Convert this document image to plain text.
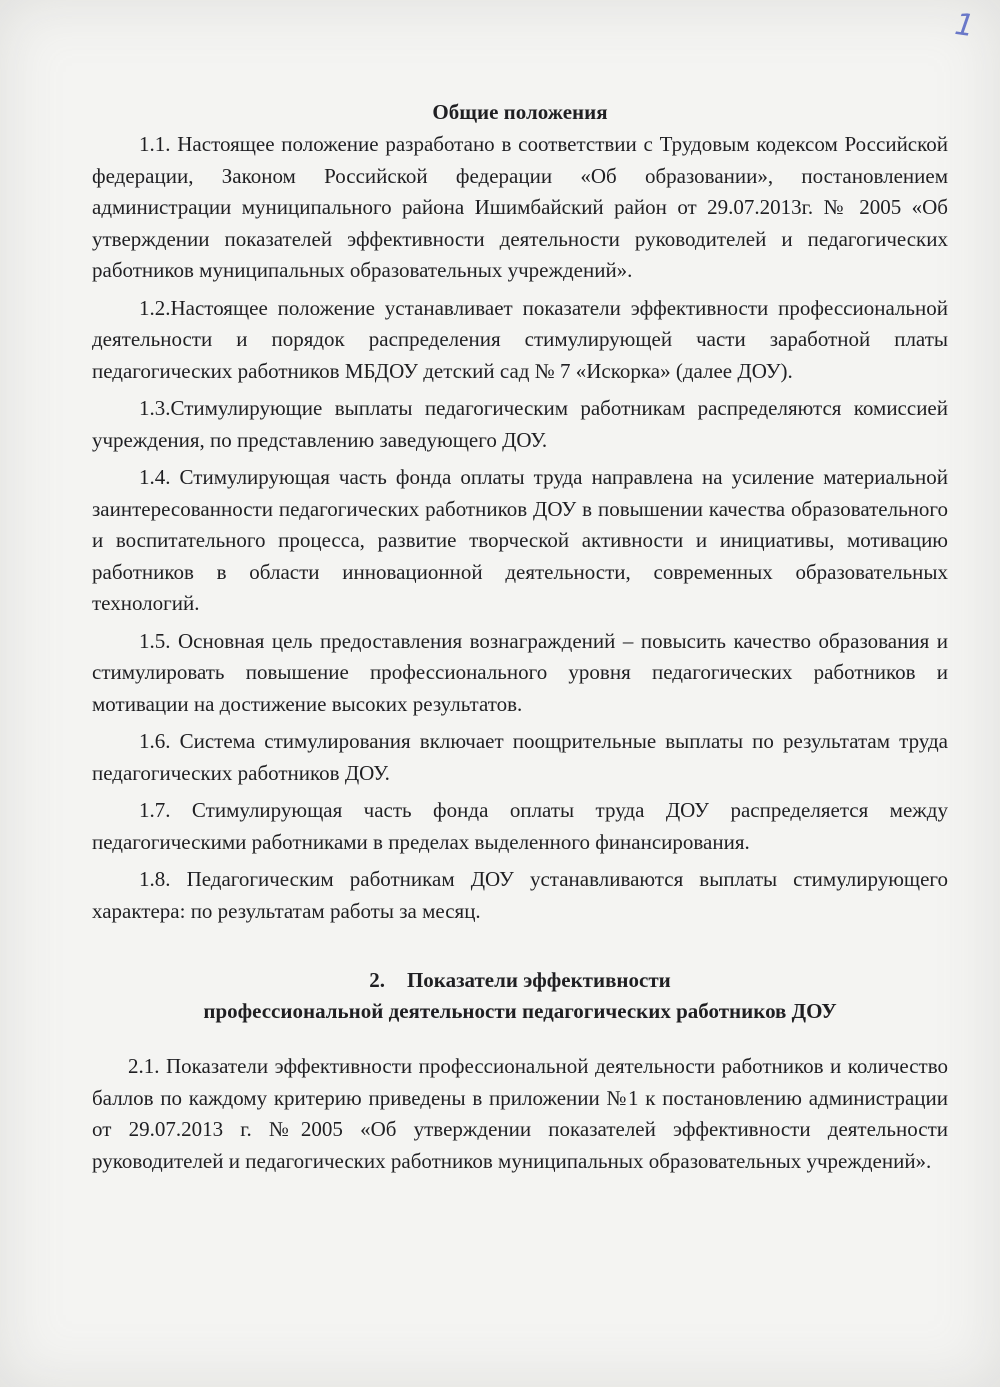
1
Общие положения

1.1. Настоящее положение разработано в соответствии с Трудовым кодексом Российской федерации, Законом Российской федерации «Об образовании», постановлением администрации муниципального района Ишимбайский район от 29.07.2013г. № 2005 «Об утверждении показателей эффективности деятельности руководителей и педагогических работников муниципальных образовательных учреждений».

1.2.Настоящее положение устанавливает показатели эффективности профессиональной деятельности и порядок распределения стимулирующей части заработной платы педагогических работников МБДОУ детский сад № 7 «Искорка» (далее ДОУ).

1.3.Стимулирующие выплаты педагогическим работникам распределяются комиссией учреждения, по представлению заведующего ДОУ.

1.4. Стимулирующая часть фонда оплаты труда направлена на усиление материальной заинтересованности педагогических работников ДОУ в повышении качества образовательного и воспитательного процесса, развитие творческой активности и инициативы, мотивацию работников в области инновационной деятельности, современных образовательных технологий.

1.5. Основная цель предоставления вознаграждений – повысить качество образования и стимулировать повышение профессионального уровня педагогических работников и мотивации на достижение высоких результатов.

1.6. Система стимулирования включает поощрительные выплаты по результатам труда педагогических работников ДОУ.

1.7. Стимулирующая часть фонда оплаты труда ДОУ распределяется между педагогическими работниками в пределах выделенного финансирования.

1.8. Педагогическим работникам ДОУ устанавливаются выплаты стимулирующего характера: по результатам работы за месяц.

2. Показатели эффективности
профессиональной деятельности педагогических работников ДОУ

2.1. Показатели эффективности профессиональной деятельности работников и количество баллов по каждому критерию приведены в приложении №1 к постановлению администрации от 29.07.2013 г. №2005 «Об утверждении показателей эффективности деятельности руководителей и педагогических работников муниципальных образовательных учреждений».
